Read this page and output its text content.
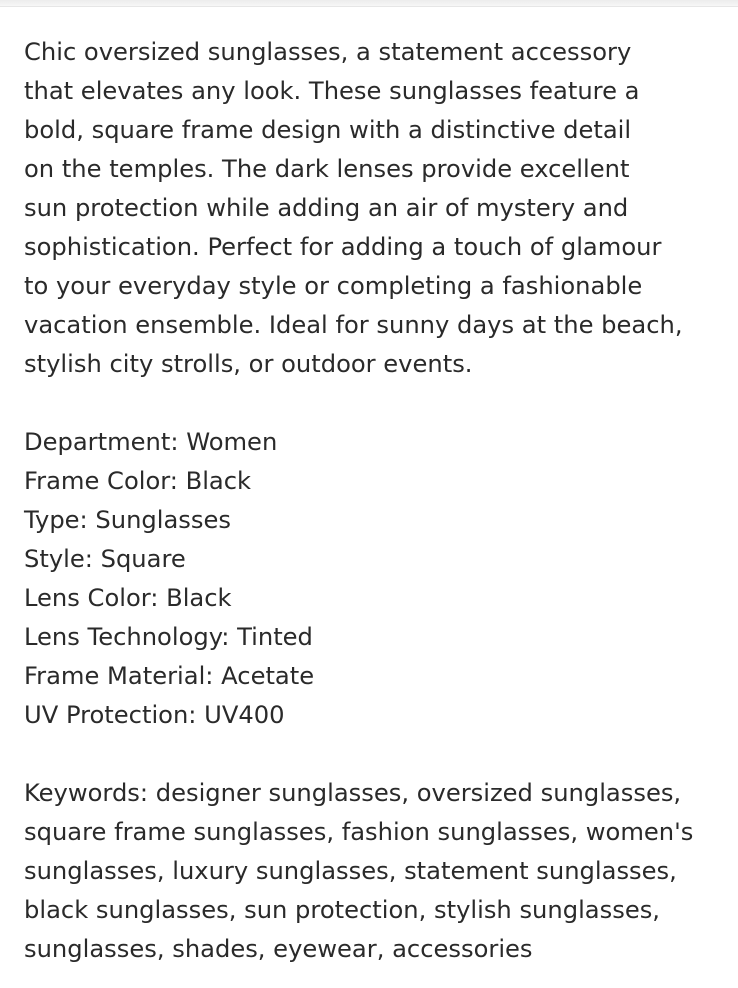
Chic oversized sunglasses, a statement accessory
that elevates any look. These sunglasses feature a
bold, square frame design with a distinctive detail
on the temples. The dark lenses provide excellent
sun protection while adding an air of mystery and
sophistication. Perfect for adding a touch of glamour
to your everyday style or completing a fashionable
vacation ensemble. Ideal for sunny days at the beach,
stylish city strolls, or outdoor events.
Department: Women
Frame Color: Black
Type: Sunglasses
Style: Square
Lens Color: Black
Lens Technology: Tinted
Frame Material: Acetate
UV Protection: UV400
Keywords: designer sunglasses, oversized sunglasses,
square frame sunglasses, fashion sunglasses, women's
sunglasses, luxury sunglasses, statement sunglasses,
black sunglasses, sun protection, stylish sunglasses,
sunglasses, shades, eyewear, accessories
